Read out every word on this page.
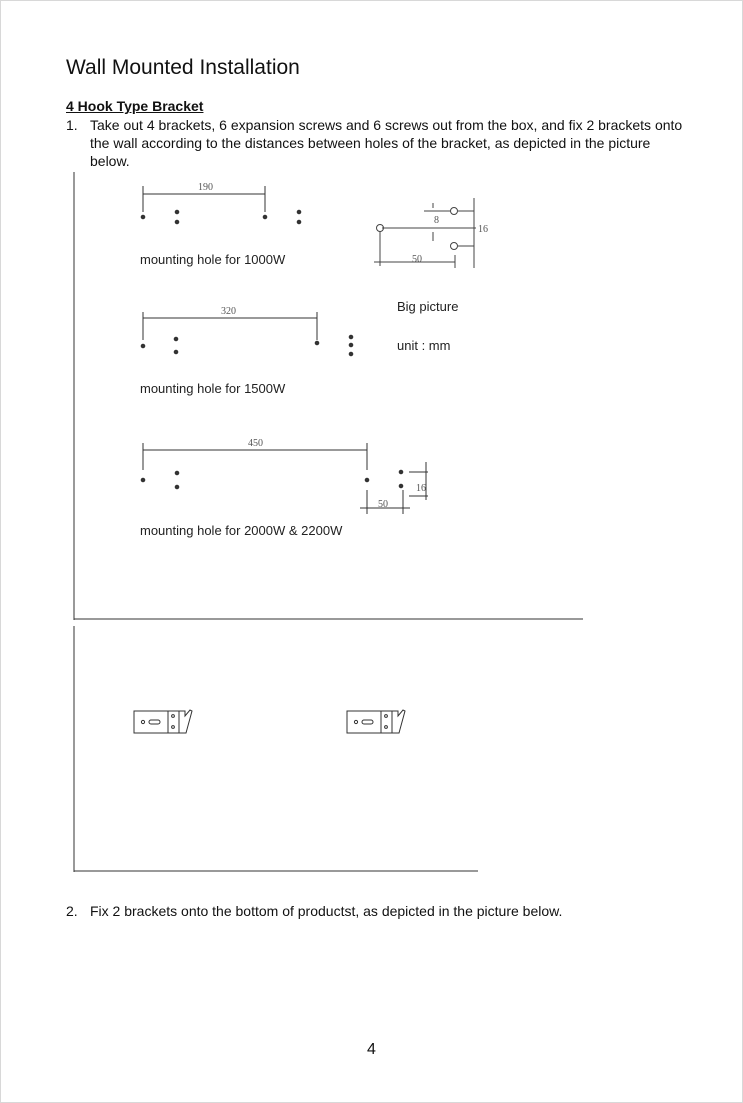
Wall Mounted Installation
4 Hook Type Bracket
1. Take out 4 brackets, 6 expansion screws and 6 screws out from the box, and fix 2 brackets onto the wall according to the distances between holes of the bracket, as depicted in the picture below.
190
mounting hole for 1000W
8
16
50
Big picture
unit : mm
320
mounting hole for 1500W
450
50
16
mounting hole for 2000W & 2200W
2. Fix 2 brackets onto the bottom of productst, as depicted in the picture below.
4
